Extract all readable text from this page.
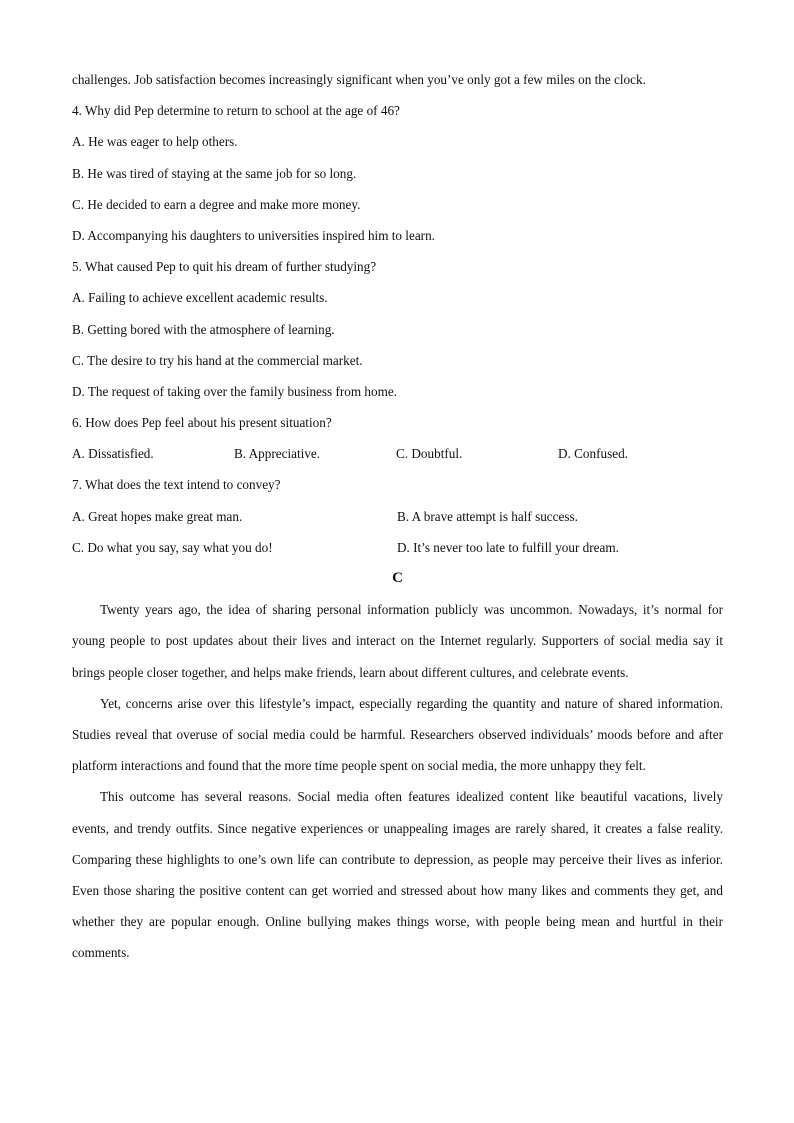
challenges. Job satisfaction becomes increasingly significant when you’ve only got a few miles on the clock.

4. Why did Pep determine to return to school at the age of 46?

A. He was eager to help others.

B. He was tired of staying at the same job for so long.

C. He decided to earn a degree and make more money.

D. Accompanying his daughters to universities inspired him to learn.

5. What caused Pep to quit his dream of further studying?

A. Failing to achieve excellent academic results.

B. Getting bored with the atmosphere of learning.

C. The desire to try his hand at the commercial market.

D. The request of taking over the family business from home.

6. How does Pep feel about his present situation?

A. Dissatisfied.	B. Appreciative.	C. Doubtful.	D. Confused.

7. What does the text intend to convey?

A. Great hopes make great man.	B. A brave attempt is half success.
C. Do what you say, say what you do!	D. It’s never too late to fulfill your dream.

C

Twenty years ago, the idea of sharing personal information publicly was uncommon. Nowadays, it’s normal for young people to post updates about their lives and interact on the Internet regularly. Supporters of social media say it brings people closer together, and helps make friends, learn about different cultures, and celebrate events.

Yet, concerns arise over this lifestyle’s impact, especially regarding the quantity and nature of shared information. Studies reveal that overuse of social media could be harmful. Researchers observed individuals’ moods before and after platform interactions and found that the more time people spent on social media, the more unhappy they felt.

This outcome has several reasons. Social media often features idealized content like beautiful vacations, lively events, and trendy outfits. Since negative experiences or unappealing images are rarely shared, it creates a false reality. Comparing these highlights to one’s own life can contribute to depression, as people may perceive their lives as inferior. Even those sharing the positive content can get worried and stressed about how many likes and comments they get, and whether they are popular enough. Online bullying makes things worse, with people being mean and hurtful in their comments.
